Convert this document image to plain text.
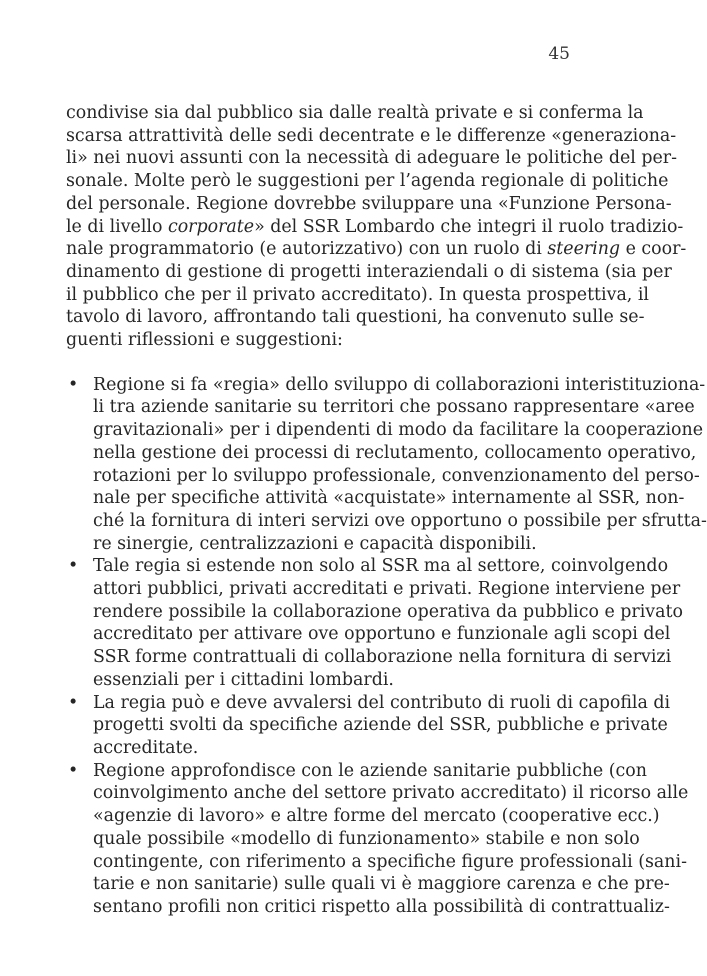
45
condivise sia dal pubblico sia dalle realtà private e si conferma la
scarsa attrattività delle sedi decentrate e le differenze «generaziona-
li» nei nuovi assunti con la necessità di adeguare le politiche del per-
sonale. Molte però le suggestioni per l’agenda regionale di politiche
del personale. Regione dovrebbe sviluppare una «Funzione Persona-
le di livello corporate» del SSR Lombardo che integri il ruolo tradizio-
nale programmatorio (e autorizzativo) con un ruolo di steering e coor-
dinamento di gestione di progetti interaziendali o di sistema (sia per
il pubblico che per il privato accreditato). In questa prospettiva, il
tavolo di lavoro, affrontando tali questioni, ha convenuto sulle se-
guenti riflessioni e suggestioni:
• Regione si fa «regia» dello sviluppo di collaborazioni interistituziona-
li tra aziende sanitarie su territori che possano rappresentare «aree
gravitazionali» per i dipendenti di modo da facilitare la cooperazione
nella gestione dei processi di reclutamento, collocamento operativo,
rotazioni per lo sviluppo professionale, convenzionamento del perso-
nale per specifiche attività «acquistate» internamente al SSR, non-
ché la fornitura di interi servizi ove opportuno o possibile per sfrutta-
re sinergie, centralizzazioni e capacità disponibili.
• Tale regia si estende non solo al SSR ma al settore, coinvolgendo
attori pubblici, privati accreditati e privati. Regione interviene per
rendere possibile la collaborazione operativa da pubblico e privato
accreditato per attivare ove opportuno e funzionale agli scopi del
SSR forme contrattuali di collaborazione nella fornitura di servizi
essenziali per i cittadini lombardi.
• La regia può e deve avvalersi del contributo di ruoli di capofila di
progetti svolti da specifiche aziende del SSR, pubbliche e private
accreditate.
• Regione approfondisce con le aziende sanitarie pubbliche (con
coinvolgimento anche del settore privato accreditato) il ricorso alle
«agenzie di lavoro» e altre forme del mercato (cooperative ecc.)
quale possibile «modello di funzionamento» stabile e non solo
contingente, con riferimento a specifiche figure professionali (sani-
tarie e non sanitarie) sulle quali vi è maggiore carenza e che pre-
sentano profili non critici rispetto alla possibilità di contrattualiz-
